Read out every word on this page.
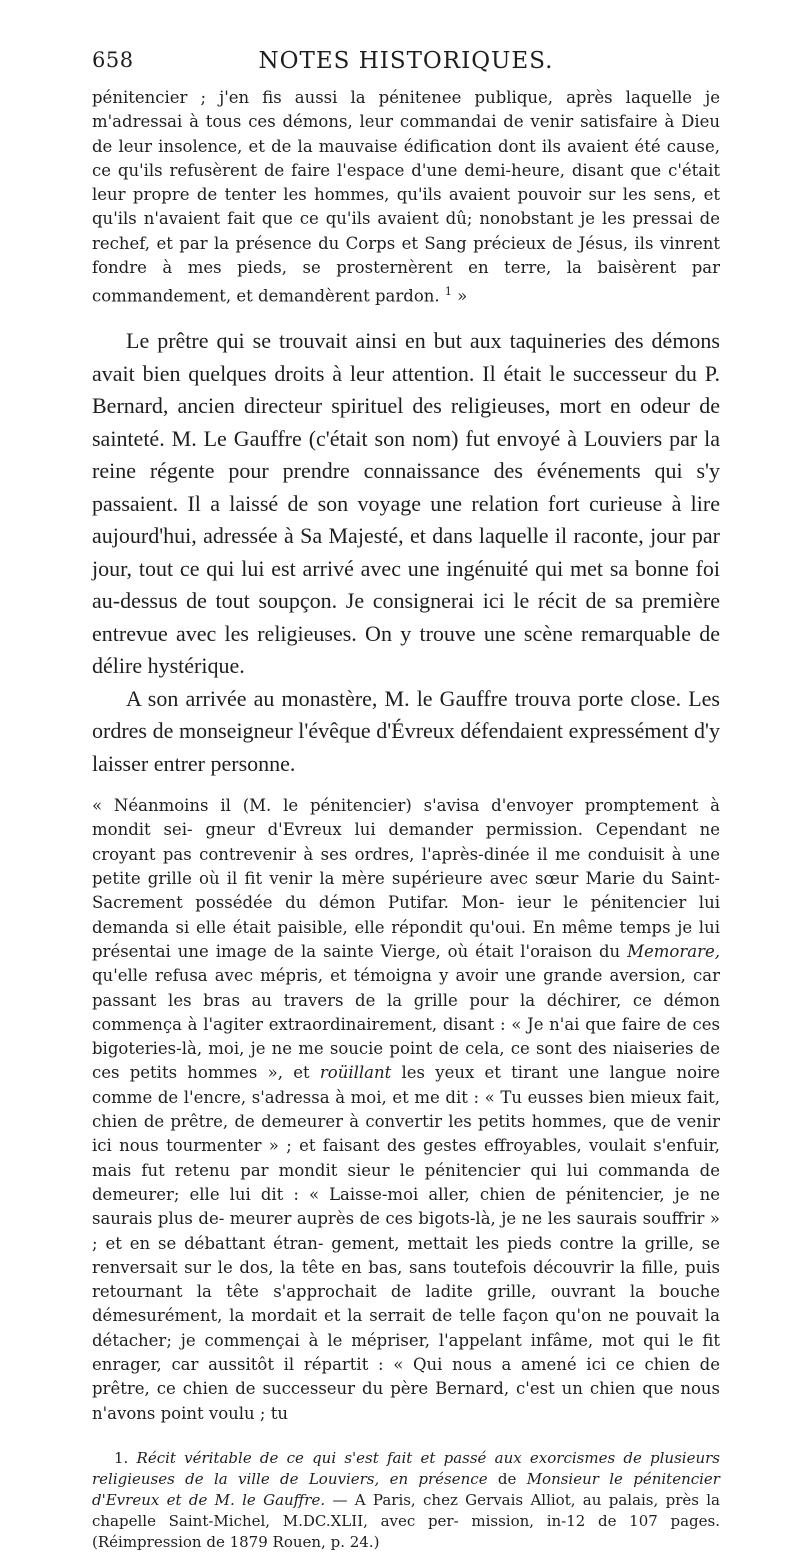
658	NOTES HISTORIQUES.

pénitencier ; j'en fis aussi la pénitenee publique, après laquelle je m'adressai à tous ces démons, leur commandai de venir satisfaire à Dieu de leur insolence, et de la mauvaise édification dont ils avaient été cause, ce qu'ils refusèrent de faire l'espace d'une demi-heure, disant que c'était leur propre de tenter les hommes, qu'ils avaient pouvoir sur les sens, et qu'ils n'avaient fait que ce qu'ils avaient dû; nonobstant je les pressai de rechef, et par la présence du Corps et Sang précieux de Jésus, ils vinrent fondre à mes pieds, se prosternèrent en terre, la baisèrent par commandement, et demandèrent pardon. $^1$ »

Le prêtre qui se trouvait ainsi en but aux taquineries des démons avait bien quelques droits à leur attention. Il était le successeur du P. Bernard, ancien directeur spirituel des religieuses, mort en odeur de sainteté. M. Le Gauffre (c'était son nom) fut envoyé à Louviers par la reine régente pour prendre connaissance des événements qui s'y passaient. Il a laissé de son voyage une relation fort curieuse à lire aujourd'hui, adressée à Sa Majesté, et dans laquelle il raconte, jour par jour, tout ce qui lui est arrivé avec une ingénuité qui met sa bonne foi au-dessus de tout soupçon. Je consignerai ici le récit de sa première entrevue avec les religieuses. On y trouve une scène remarquable de délire hystérique.

A son arrivée au monastère, M. le Gauffre trouva porte close. Les ordres de monseigneur l'évêque d'Évreux défendaient expressément d'y laisser entrer personne.

« Néanmoins il (M. le pénitencier) s'avisa d'envoyer promptement à mondit sei- gneur d'Evreux lui demander permission. Cependant ne croyant pas contrevenir à ses ordres, l'après-dinée il me conduisit à une petite grille où il fit venir la mère supérieure avec sœur Marie du Saint-Sacrement possédée du démon Putifar. Mon- ieur le pénitencier lui demanda si elle était paisible, elle répondit qu'oui. En même temps je lui présentai une image de la sainte Vierge, où était l'oraison du Memorare, qu'elle refusa avec mépris, et témoigna y avoir une grande aversion, car passant les bras au travers de la grille pour la déchirer, ce démon commença à l'agiter extraordinairement, disant : « Je n'ai que faire de ces bigoteries-là, moi, je ne me soucie point de cela, ce sont des niaiseries de ces petits hommes », et roüillant les yeux et tirant une langue noire comme de l'encre, s'adressa à moi, et me dit : « Tu eusses bien mieux fait, chien de prêtre, de demeurer à convertir les petits hommes, que de venir ici nous tourmenter » ; et faisant des gestes effroyables, voulait s'enfuir, mais fut retenu par mondit sieur le pénitencier qui lui commanda de demeurer; elle lui dit : « Laisse-moi aller, chien de pénitencier, je ne saurais plus de- meurer auprès de ces bigots-là, je ne les saurais souffrir » ; et en se débattant étran- gement, mettait les pieds contre la grille, se renversait sur le dos, la tête en bas, sans toutefois découvrir la fille, puis retournant la tête s'approchait de ladite grille, ouvrant la bouche démesurément, la mordait et la serrait de telle façon qu'on ne pouvait la détacher; je commençai à le mépriser, l'appelant infâme, mot qui le fit enrager, car aussitôt il répartit : « Qui nous a amené ici ce chien de prêtre, ce chien de successeur du père Bernard, c'est un chien que nous n'avons point voulu ; tu

1. Récit véritable de ce qui s'est fait et passé aux exorcismes de plusieurs religieuses de la ville de Louviers, en présence de Monsieur le pénitencier d'Evreux et de M. le Gauffre. — A Paris, chez Gervais Alliot, au palais, près la chapelle Saint-Michel, M.DC.XLII, avec per- mission, in-12 de 107 pages. (Réimpression de 1879 Rouen, p. 24.)
